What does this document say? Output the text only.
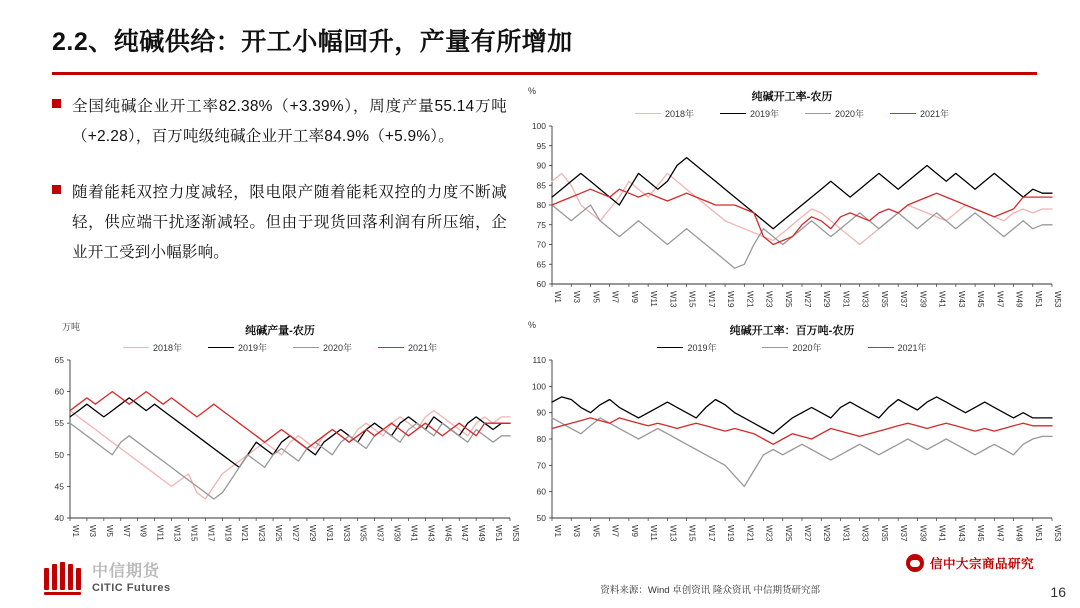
2.2、纯碱供给：开工小幅回升，产量有所增加
全国纯碱企业开工率82.38%（+3.39%），周度产量55.14万吨 （+2.28），百万吨级纯碱企业开工率84.9%（+5.9%）。
随着能耗双控力度减轻，限电限产随着能耗双控的力度不断减轻，供应端干扰逐渐减轻。但由于现货回落利润有所压缩，企业开工受到小幅影响。
纯碱开工率-农历
%
2018年	2019年	2020年	2021年
60
65
70
75
80
85
90
95
100
W1 W3 W5 W7 W9 W11 W13 W15 W17 W19 W21 W23 W25 W27 W29 W31 W33 W35 W37 W39 W41 W43 W45 W47 W49 W51 W53
纯碱产量-农历
万吨
2018年	2019年	2020年	2021年
40
45
50
55
60
65
W1 W3 W5 W7 W9 W11 W13 W15 W17 W19 W21 W23 W25 W27 W29 W31 W33 W35 W37 W39 W41 W43 W45 W47 W49 W51 W53
纯碱开工率：百万吨-农历
%
2019年	2020年	2021年
50
60
70
80
90
100
110
W1 W3 W5 W7 W9 W11 W13 W15 W17 W19 W21 W23 W25 W27 W29 W31 W33 W35 W37 W39 W41 W43 W45 W47 W49 W51 W53
中信期货
CITIC Futures	资料来源：Wind 卓创资讯 隆众资讯 中信期货研究部	16
信中大宗商品研究
